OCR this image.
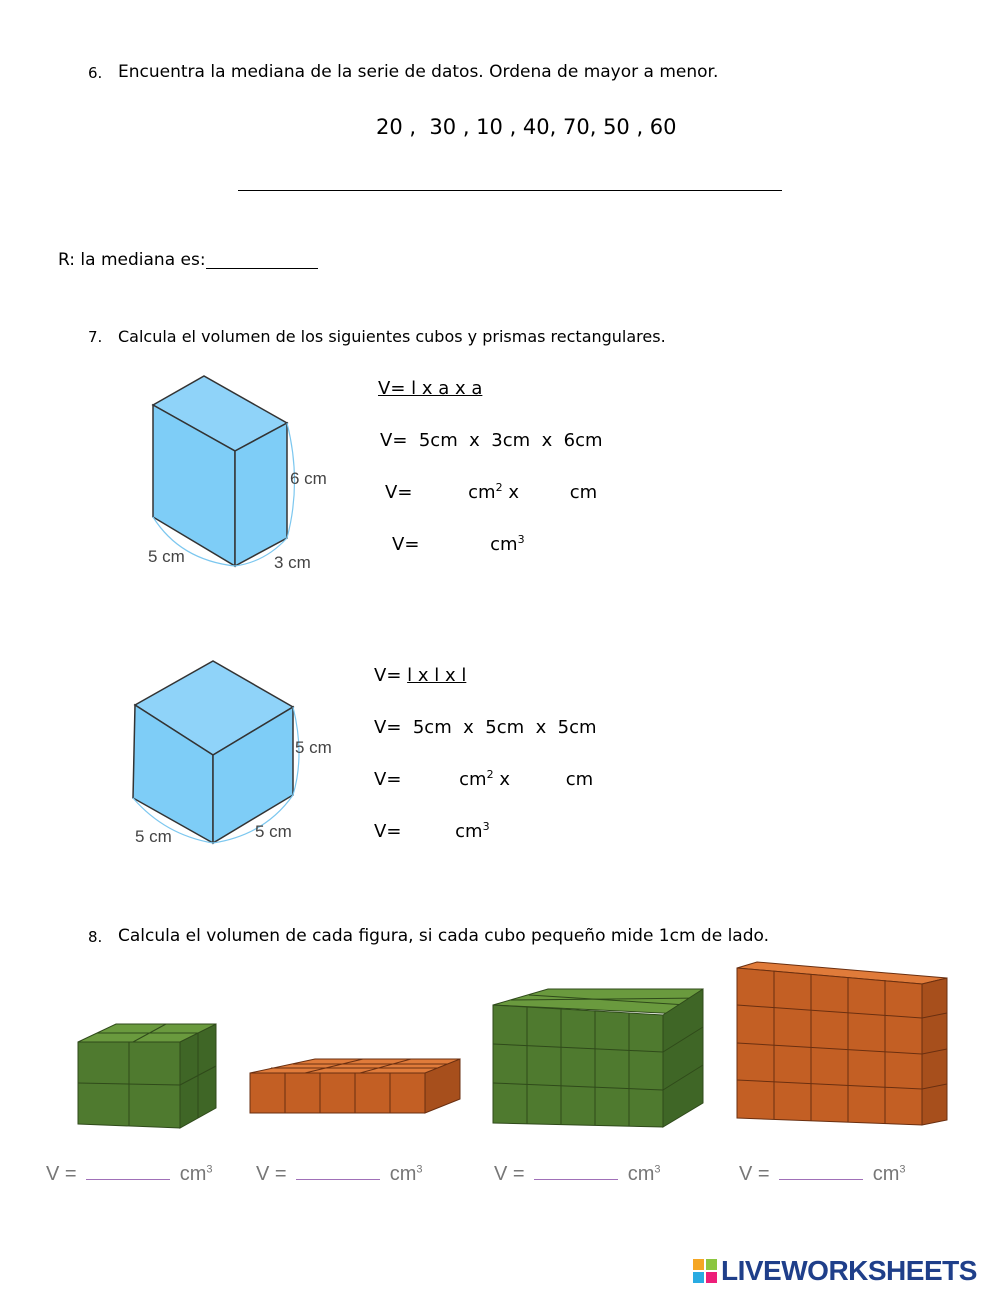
6. Encuentra la mediana de la serie de datos. Ordena de mayor a menor.
20 ,  30 , 10 , 40, 70, 50 , 60
R: la mediana es:
7. Calcula el volumen de los siguientes cubos y prismas rectangulares.
6 cm
5 cm	3 cm
V= l x a x a
V=  5cm  x  3cm  x  6cm
V=	$cm^2$ x	cm
V=	$cm^3$
5 cm
5 cm	5 cm
V= l x l x l
V=  5cm  x  5cm  x  5cm
V=	$cm^2$ x	cm
V=	$cm^3$
8. Calcula el volumen de cada figura, si cada cubo pequeño mide 1cm de lado.
V =	$cm^3$	V =	$cm^3$	V =	$cm^3$	V =	$cm^3$
LIVEWORKSHEETS
